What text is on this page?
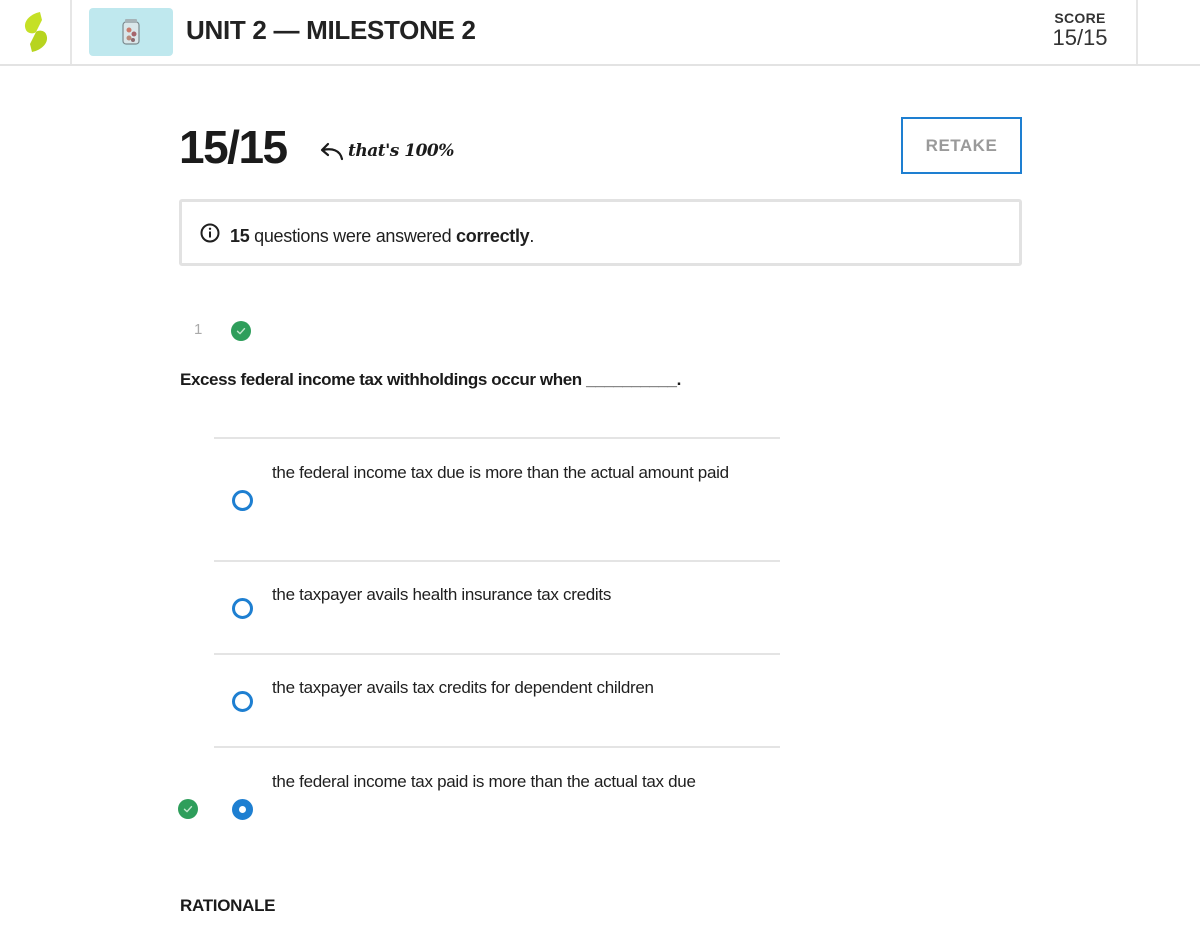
UNIT 2 — MILESTONE 2	SCORE
15/15
15/15	that's 100%	RETAKE
15 questions were answered correctly.
1
Excess federal income tax withholdings occur when __________.
the federal income tax due is more than the actual amount paid
the taxpayer avails health insurance tax credits
the taxpayer avails tax credits for dependent children
the federal income tax paid is more than the actual tax due
RATIONALE
